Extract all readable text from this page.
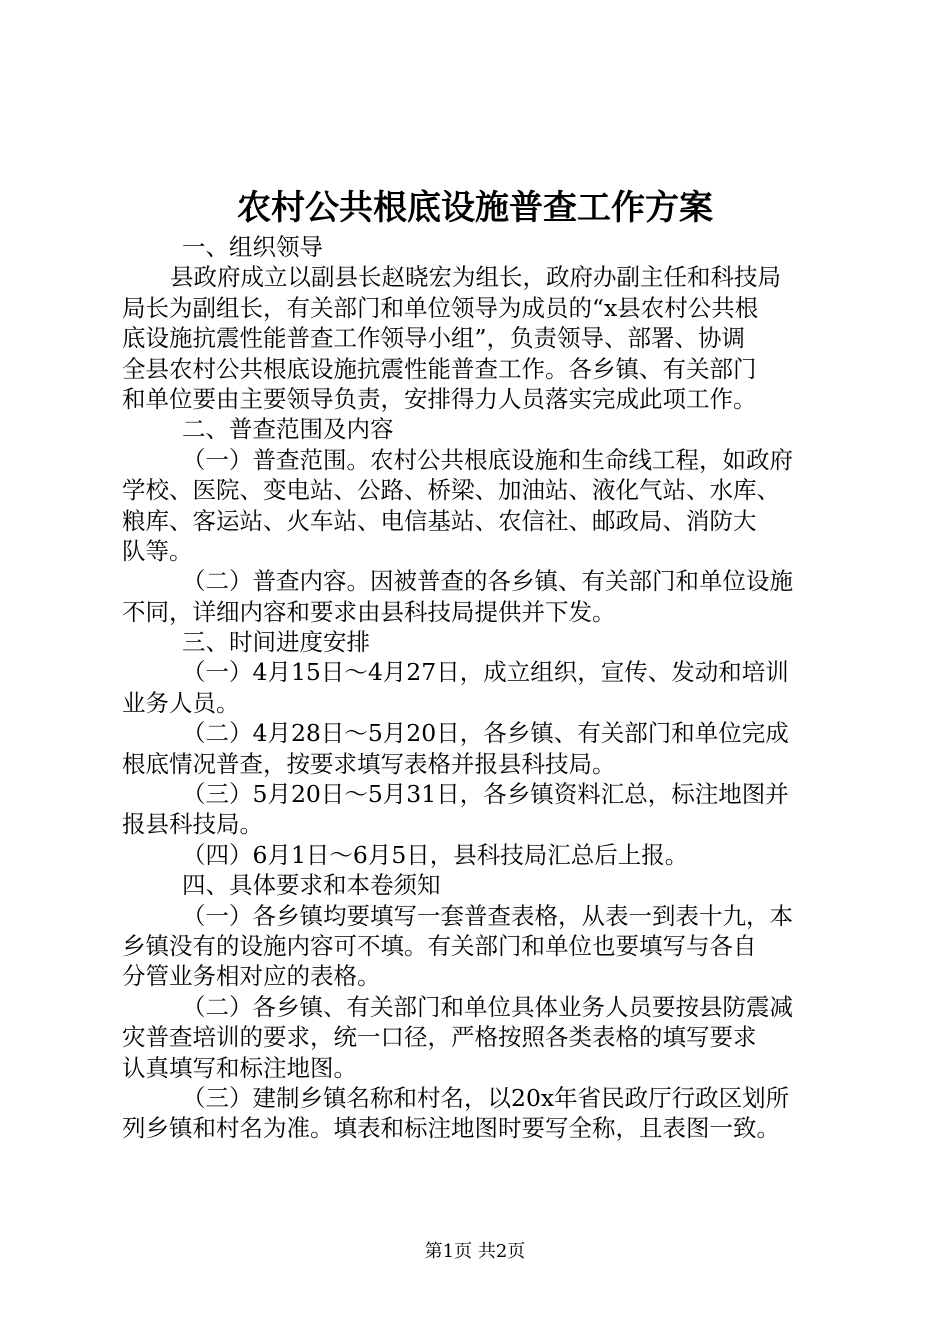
农村公共根底设施普查工作方案
一、组织领导
县政府成立以副县长赵晓宏为组长，政府办副主任和科技局
局长为副组长，有关部门和单位领导为成员的“x县农村公共根
底设施抗震性能普查工作领导小组”，负责领导、部署、协调
全县农村公共根底设施抗震性能普查工作。各乡镇、有关部门
和单位要由主要领导负责，安排得力人员落实完成此项工作。
二、普查范围及内容
（一）普查范围。农村公共根底设施和生命线工程，如政府
学校、医院、变电站、公路、桥梁、加油站、液化气站、水库、
粮库、客运站、火车站、电信基站、农信社、邮政局、消防大
队等。
（二）普查内容。因被普查的各乡镇、有关部门和单位设施
不同，详细内容和要求由县科技局提供并下发。
三、时间进度安排
（一）4月15日～4月27日，成立组织，宣传、发动和培训
业务人员。
（二）4月28日～5月20日，各乡镇、有关部门和单位完成
根底情况普查，按要求填写表格并报县科技局。
（三）5月20日～5月31日，各乡镇资料汇总，标注地图并
报县科技局。
（四）6月1日～6月5日，县科技局汇总后上报。
四、具体要求和本卷须知
（一）各乡镇均要填写一套普查表格，从表一到表十九，本
乡镇没有的设施内容可不填。有关部门和单位也要填写与各自
分管业务相对应的表格。
（二）各乡镇、有关部门和单位具体业务人员要按县防震减
灾普查培训的要求，统一口径，严格按照各类表格的填写要求
认真填写和标注地图。
（三）建制乡镇名称和村名，以20x年省民政厅行政区划所
列乡镇和村名为准。填表和标注地图时要写全称，且表图一致。
第1页 共2页
